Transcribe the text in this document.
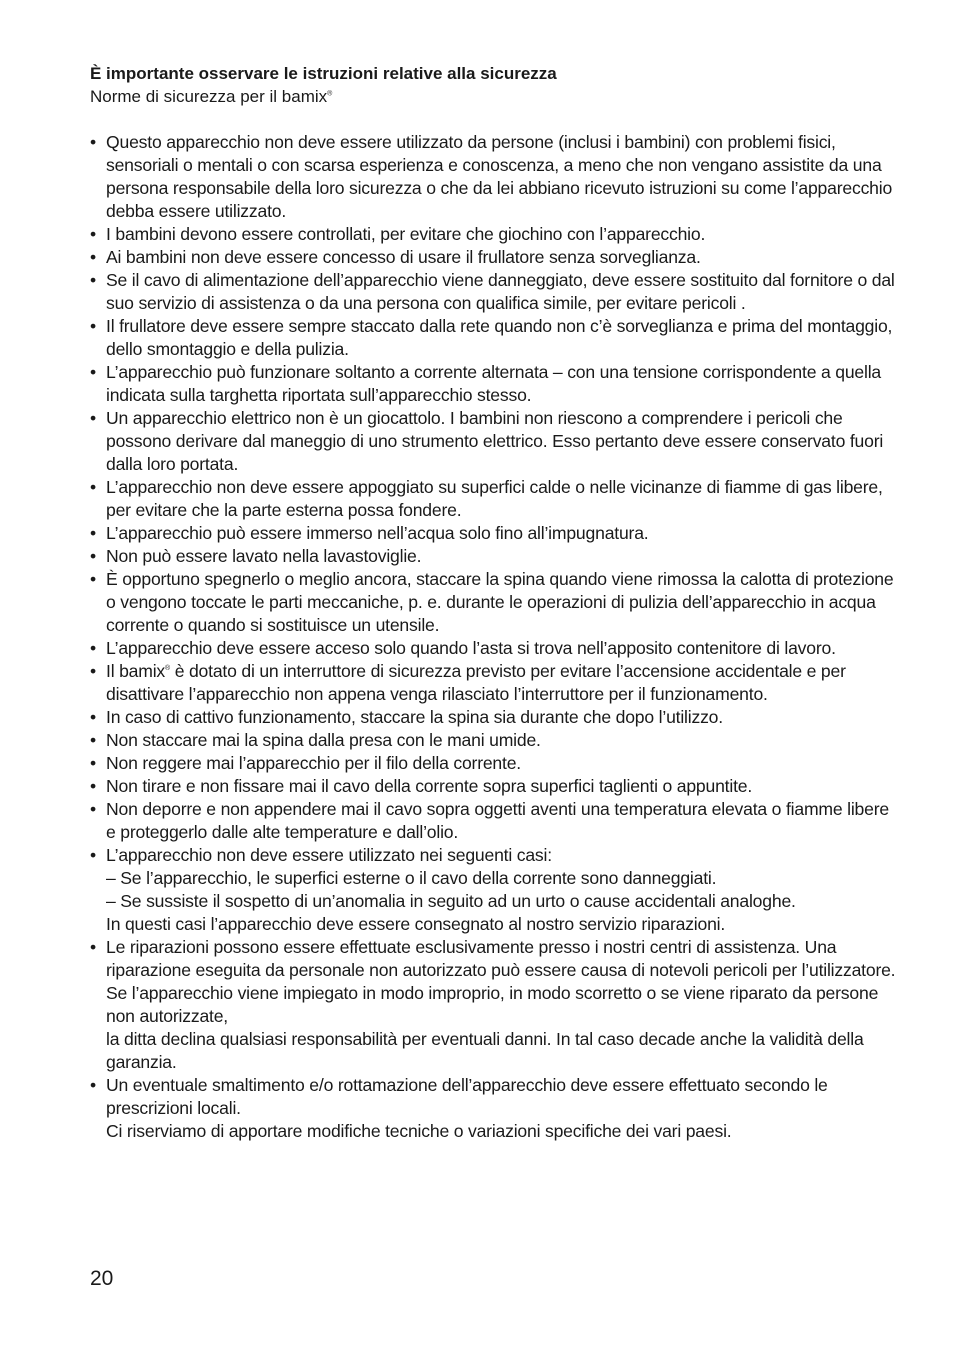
È importante osservare le istruzioni relative alla sicurezza
Norme di sicurezza per il bamix®
• Questo apparecchio non deve essere utilizzato da persone (inclusi i bambini) con problemi fisici, sensoriali o mentali o con scarsa esperienza e conoscenza, a meno che non vengano assistite da una persona responsabile della loro sicurezza o che da lei abbiano ricevuto istruzioni su come l’apparecchio debba essere utilizzato.
• I bambini devono essere controllati, per evitare che giochino con l’apparecchio.
• Ai bambini non deve essere concesso di usare il frullatore senza sorveglianza.
• Se il cavo di alimentazione dell’apparecchio viene danneggiato, deve essere sostituito dal fornitore o dal suo servizio di assistenza o da una persona con qualifica simile, per evitare pericoli .
• Il frullatore deve essere sempre staccato dalla rete quando non c’è sorveglianza e prima del montaggio, dello smontaggio e della pulizia.
• L’apparecchio può funzionare soltanto a corrente alternata – con una tensione corrispondente a quella indicata sulla targhetta riportata sull’apparecchio stesso.
• Un apparecchio elettrico non è un giocattolo. I bambini non riescono a comprendere i pericoli che possono derivare dal maneggio di uno strumento elettrico. Esso pertanto deve essere conservato fuori dalla loro portata.
• L’apparecchio non deve essere appoggiato su superfici calde o nelle vicinanze di fiamme di gas libere, per evitare che la parte esterna possa fondere.
• L’apparecchio può essere immerso nell’acqua solo fino all’impugnatura.
• Non può essere lavato nella lavastoviglie.
• È opportuno spegnerlo o meglio ancora, staccare la spina quando viene rimossa la calotta di protezione o vengono toccate le parti meccaniche, p. e. durante le operazioni di pulizia dell’apparecchio in acqua corrente o quando si sostituisce un utensile.
• L’apparecchio deve essere acceso solo quando l’asta si trova nell’apposito contenitore di lavoro.
• Il bamix® è dotato di un interruttore di sicurezza previsto per evitare l’accensione accidentale e per disattivare l’apparecchio non appena venga rilasciato l’interruttore per il funzionamento.
• In caso di cattivo funzionamento, staccare la spina sia durante che dopo l’utilizzo.
• Non staccare mai la spina dalla presa con le mani umide.
• Non reggere mai l’apparecchio per il filo della corrente.
• Non tirare e non fissare mai il cavo della corrente sopra superfici taglienti o appuntite.
• Non deporre e non appendere mai il cavo sopra oggetti aventi una temperatura elevata o fiamme libere e proteggerlo dalle alte temperature e dall’olio.
• L’apparecchio non deve essere utilizzato nei seguenti casi:
– Se l’apparecchio, le superfici esterne o il cavo della corrente sono danneggiati.
– Se sussiste il sospetto di un’anomalia in seguito ad un urto o cause accidentali analoghe.
In questi casi l’apparecchio deve essere consegnato al nostro servizio riparazioni.
• Le riparazioni possono essere effettuate esclusivamente presso i nostri centri di assistenza. Una riparazione eseguita da personale non autorizzato può essere causa di notevoli pericoli per l’utilizzatore. Se l’apparecchio viene impiegato in modo improprio, in modo scorretto o se viene riparato da persone non autorizzate,
la ditta declina qualsiasi responsabilità per eventuali danni. In tal caso decade anche la validità della garanzia.
• Un eventuale smaltimento e/o rottamazione dell’apparecchio deve essere effettuato secondo le prescrizioni locali.
Ci riserviamo di apportare modifiche tecniche o variazioni specifiche dei vari paesi.
20
